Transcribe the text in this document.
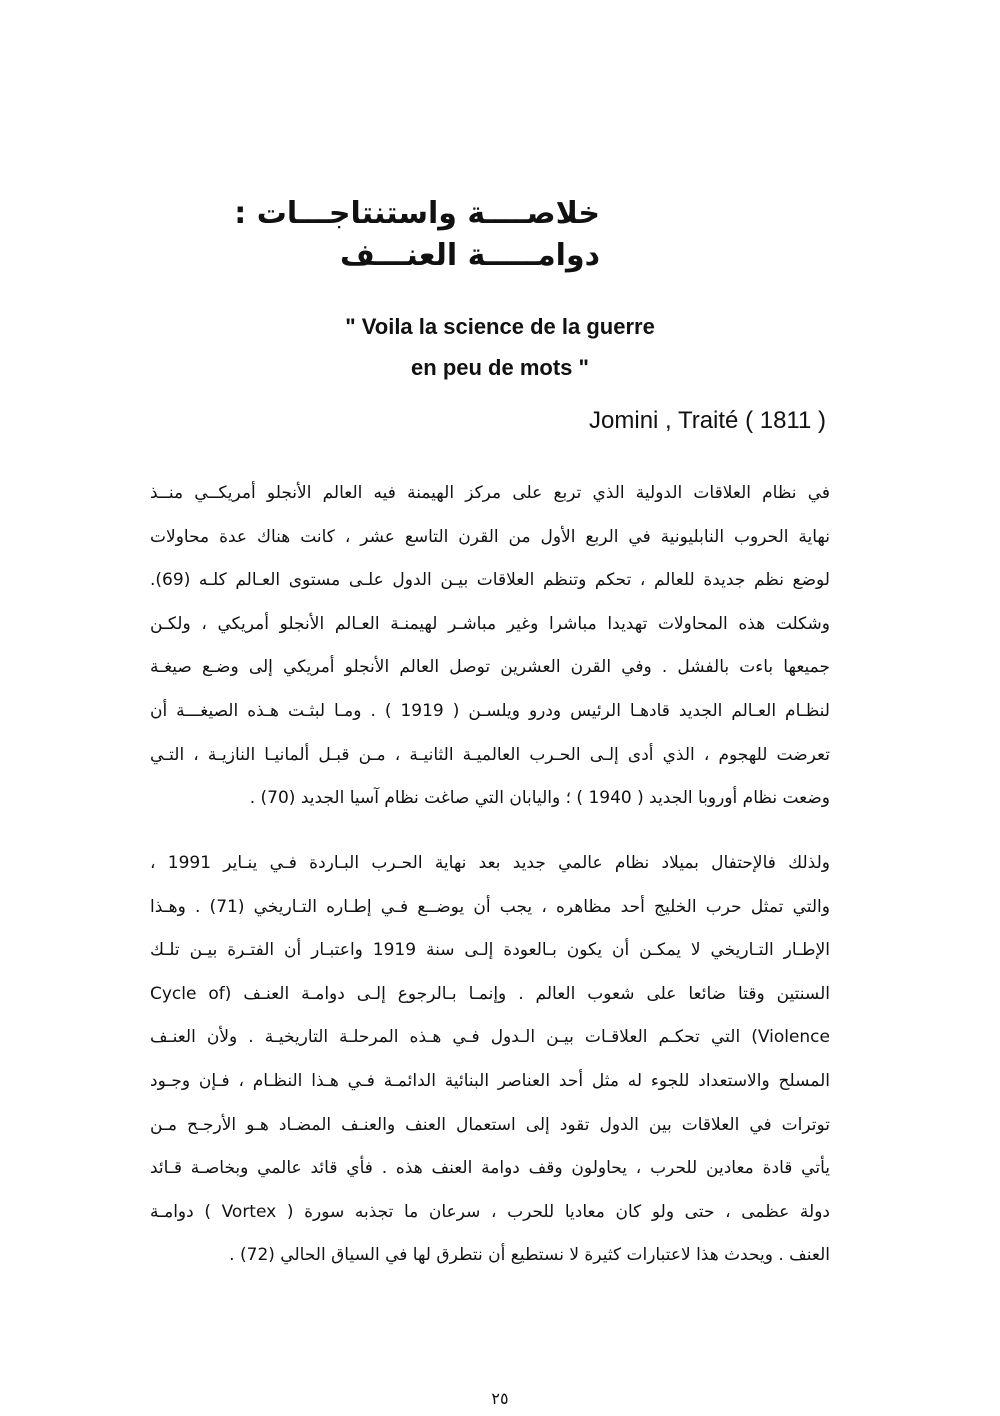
خلاصــــة واستنتاجـــات :
دوامـــــة العنـــف
" Voila la science de la guerre
en peu de mots "
Jomini , Traité ( 1811 )
في نظام العلاقات الدولية الذي تربع على مركز الهيمنة فيه العالم الأنجلو أمريكــي منــذ
نهاية الحروب النابليونية في الربع الأول من القرن التاسع عشر ، كانت هناك عدة محاولات
لوضع نظم جديدة للعالم ، تحكم وتنظم العلاقات بيـن الدول علـى مستوى العـالم كلـه (69).
وشكلت هذه المحاولات تهديدا مباشرا وغير مباشـر لهيمنـة العـالم الأنجلو أمريكي ، ولكـن
جميعها باءت بالفشل . وفي القرن العشرين توصل العالم الأنجلو أمريكي إلى وضـع صيغـة
لنظـام العـالم الجديد قادهـا الرئيس ودرو ويلسـن ( 1919 ) . ومـا لبثـت هـذه الصيغـــة أن
تعرضت للهجوم ، الذي أدى إلـى الحـرب العالميـة الثانيـة ، مـن قبـل ألمانيـا النازيـة ، التـي
وضعت نظام أوروبا الجديد ( 1940 ) ؛ واليابان التي صاغت نظام آسيا الجديد (70) .
ولذلك فالإحتفال بميلاد نظام عالمي جديد بعد نهاية الحـرب البـاردة فـي ينـاير 1991 ،
والتي تمثل حرب الخليج أحد مظاهره ، يجب أن يوضــع فـي إطـاره التـاريخي (71) . وهـذا
الإطـار التـاريخي لا يمكـن أن يكون بـالعودة إلـى سنة 1919 واعتبـار أن الفتـرة بيـن تلـك
السنتين وقتا ضائعا على شعوب العالم . وإنمـا بـالرجوع إلـى دوامـة العنـف (Cycle of
Violence) التي تحكـم العلاقـات بيـن الـدول فـي هـذه المرحلـة التاريخيـة . ولأن العنـف
المسلح والاستعداد للجوء له مثل أحد العناصر البنائية الدائمـة فـي هـذا النظـام ، فـإن وجـود
توترات في العلاقات بين الدول تقود إلى استعمال العنف والعنـف المضـاد هـو الأرجـح مـن
يأتي قادة معادين للحرب ، يحاولون وقف دوامة العنف هذه . فأي قائد عالمي وبخاصـة قـائد
دولة عظمى ، حتى ولو كان معاديا للحرب ، سرعان ما تجذبه سورة ( Vortex ) دوامـة
العنف . ويحدث هذا لاعتبارات كثيرة لا نستطيع أن نتطرق لها في السياق الحالي (72) .
٢٥
